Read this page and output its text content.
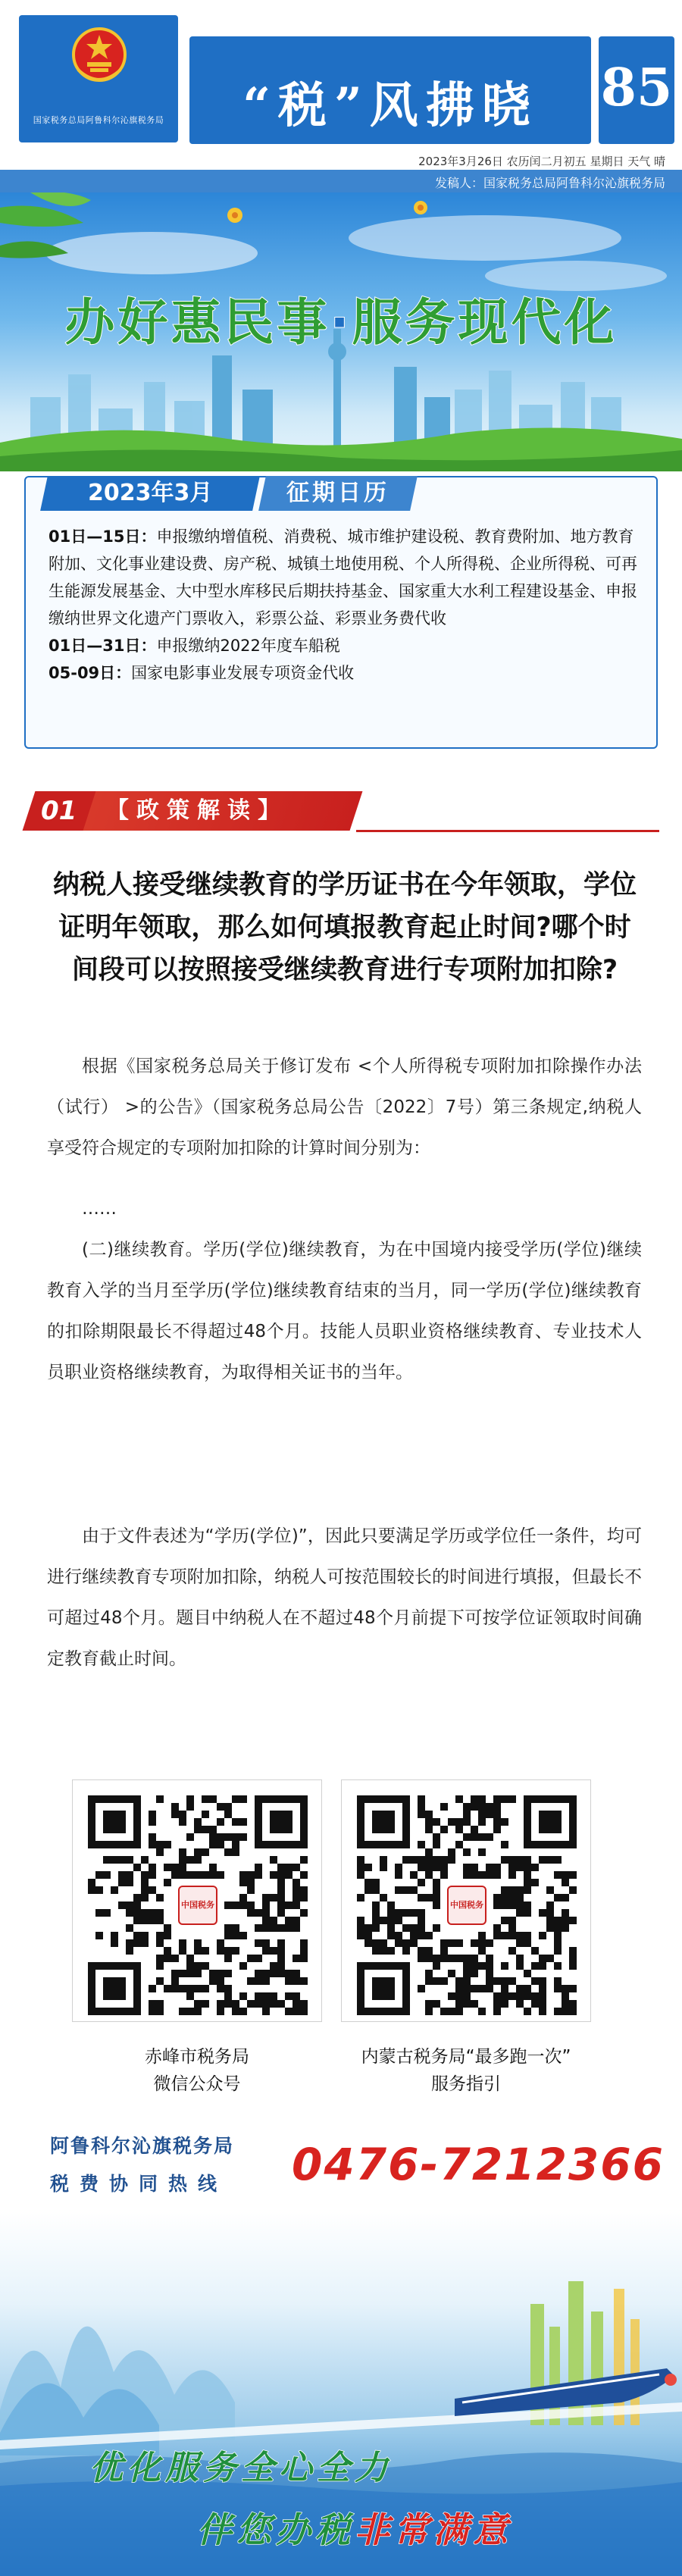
国家税务总局阿鲁科尔沁旗税务局	“税”风拂晓	85
2023年3月26日 农历闰二月初五 星期日 天气 晴
发稿人：国家税务总局阿鲁科尔沁旗税务局
办好惠民事·服务现代化
2023年3月	征期日历

01日—15日：申报缴纳增值税、消费税、城市维护建设税、教育费附加、地方教育附加、文化事业建设费、房产税、城镇土地使用税、个人所得税、企业所得税、可再生能源发展基金、大中型水库移民后期扶持基金、国家重大水利工程建设基金、申报缴纳世界文化遗产门票收入，彩票公益、彩票业务费代收

01日—31日：申报缴纳2022年度车船税

05-09日：国家电影事业发展专项资金代收

【政策解读】
01
纳税人接受继续教育的学历证书在今年领取，学位证明年领取，那么如何填报教育起止时间?哪个时间段可以按照接受继续教育进行专项附加扣除?
根据《国家税务总局关于修订发布 <个人所得税专项附加扣除操作办法 （试行） >的公告》（国家税务总局公告〔2022〕7号）第三条规定,纳税人享受符合规定的专项附加扣除的计算时间分别为：
……
(二)继续教育。学历(学位)继续教育，为在中国境内接受学历(学位)继续教育入学的当月至学历(学位)继续教育结束的当月，同一学历(学位)继续教育的扣除期限最长不得超过48个月。技能人员职业资格继续教育、专业技术人员职业资格继续教育，为取得相关证书的当年。
由于文件表述为“学历(学位)”，因此只要满足学历或学位任一条件，均可进行继续教育专项附加扣除，纳税人可按范围较长的时间进行填报，但最长不可超过48个月。题目中纳税人在不超过48个月前提下可按学位证领取时间确定教育截止时间。
中国税务	中国税务
赤峰市税务局
微信公众号
内蒙古税务局“最多跑一次”
服务指引
阿鲁科尔沁旗税务局
税费协同热线 0476-7212366
优化服务全心全力
伴您办税非常满意
